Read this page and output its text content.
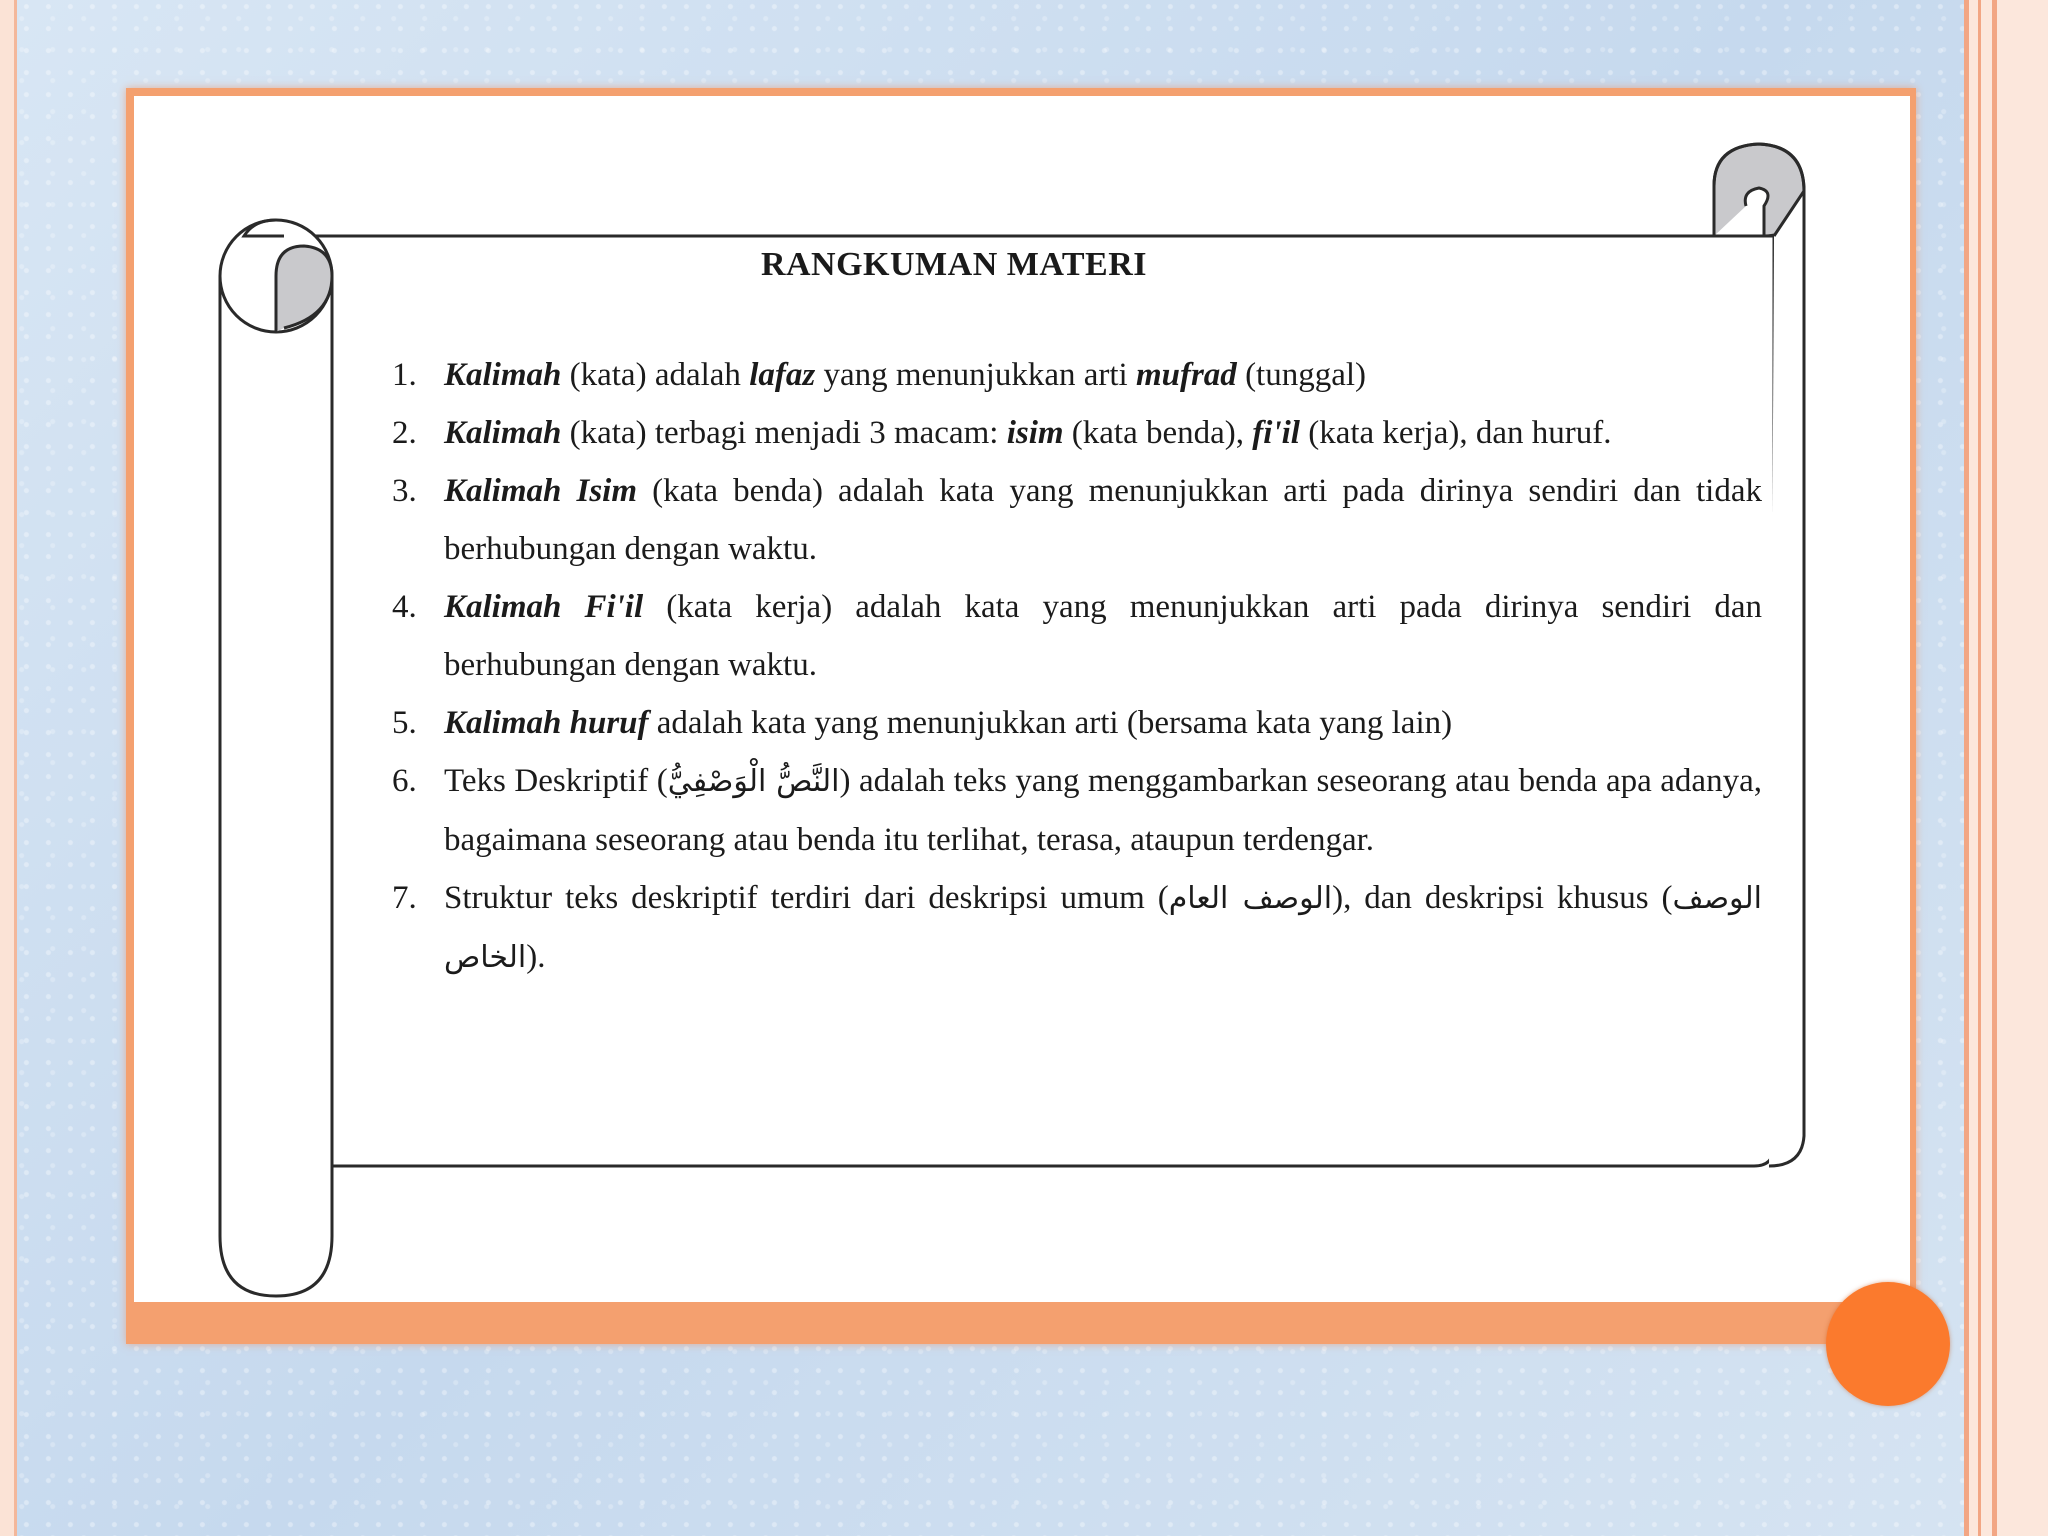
RANGKUMAN MATERI
1. Kalimah (kata) adalah lafaz yang menunjukkan arti mufrad (tunggal)
2. Kalimah (kata) terbagi menjadi 3 macam: isim (kata benda), fi'il (kata kerja), dan huruf.
3. Kalimah Isim (kata benda) adalah kata yang menunjukkan arti pada dirinya sendiri dan tidak berhubungan dengan waktu.
4. Kalimah Fi'il (kata kerja) adalah kata yang menunjukkan arti pada dirinya sendiri dan berhubungan dengan waktu.
5. Kalimah huruf adalah kata yang menunjukkan arti (bersama kata yang lain)
6. Teks Deskriptif (النَّصُّ الْوَصْفِيُّ) adalah teks yang menggambarkan seseorang atau benda apa adanya, bagaimana seseorang atau benda itu terlihat, terasa, ataupun terdengar.
7. Struktur teks deskriptif terdiri dari deskripsi umum (الوصف العام), dan deskripsi khusus (الوصف الخاص).
